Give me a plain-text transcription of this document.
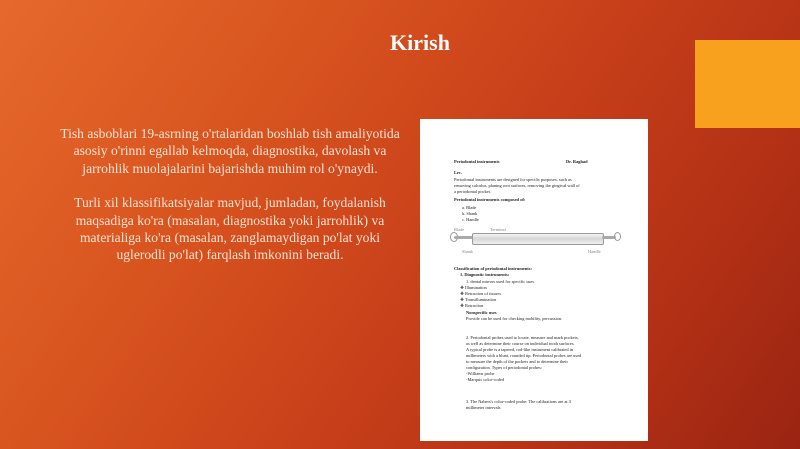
Kirish

Tish asboblari 19-asrning o'rtalaridan boshlab tish amaliyotida asosiy o'rinni egallab kelmoqda, diagnostika, davolash va jarrohlik muolajalarini bajarishda muhim rol o'ynaydi.

Turli xil klassifikatsiyalar mavjud, jumladan, foydalanish maqsadiga ko'ra (masalan, diagnostika yoki jarrohlik) va materialiga ko'ra (masalan, zanglamaydigan po'lat yoki uglerodli po'lat) farqlash imkonini beradi.

Periodontal instruments	Dr. Raghad
Lec.
Periodontal instruments are designed for specific purposes, such as
removing calculus, planing root surfaces, removing the gingival wall of
a periodontal pocket.
Periodontal instruments composed of:
a. Blade
b. Shank
c. Handle
Blade	Terminal
Shank	Handle
Classification of periodontal instruments:
1. Diagnostic instruments:
1. dental mirrors used for specific uses
❖ Illumination
❖ Retraction of tissues
❖ Transillumination
❖ Retraction
Nonspecific uses
Provide can be used for checking mobility, percussion.
2. Periodontal probes used to locate, measure and mark pockets,
as well as determine their course on individual tooth surfaces.
A typical probe is a tapered, rod-like instrument calibrated in
millimeters with a blunt, rounded tip. Periodontal probes are used
to measure the depth of the pockets and to determine their
configuration. Types of periodontal probes:
-Williams probe
-Marquis color-coded
3. The Nabers's color-coded probe: The calibrations are at 3
millimeter intervals
